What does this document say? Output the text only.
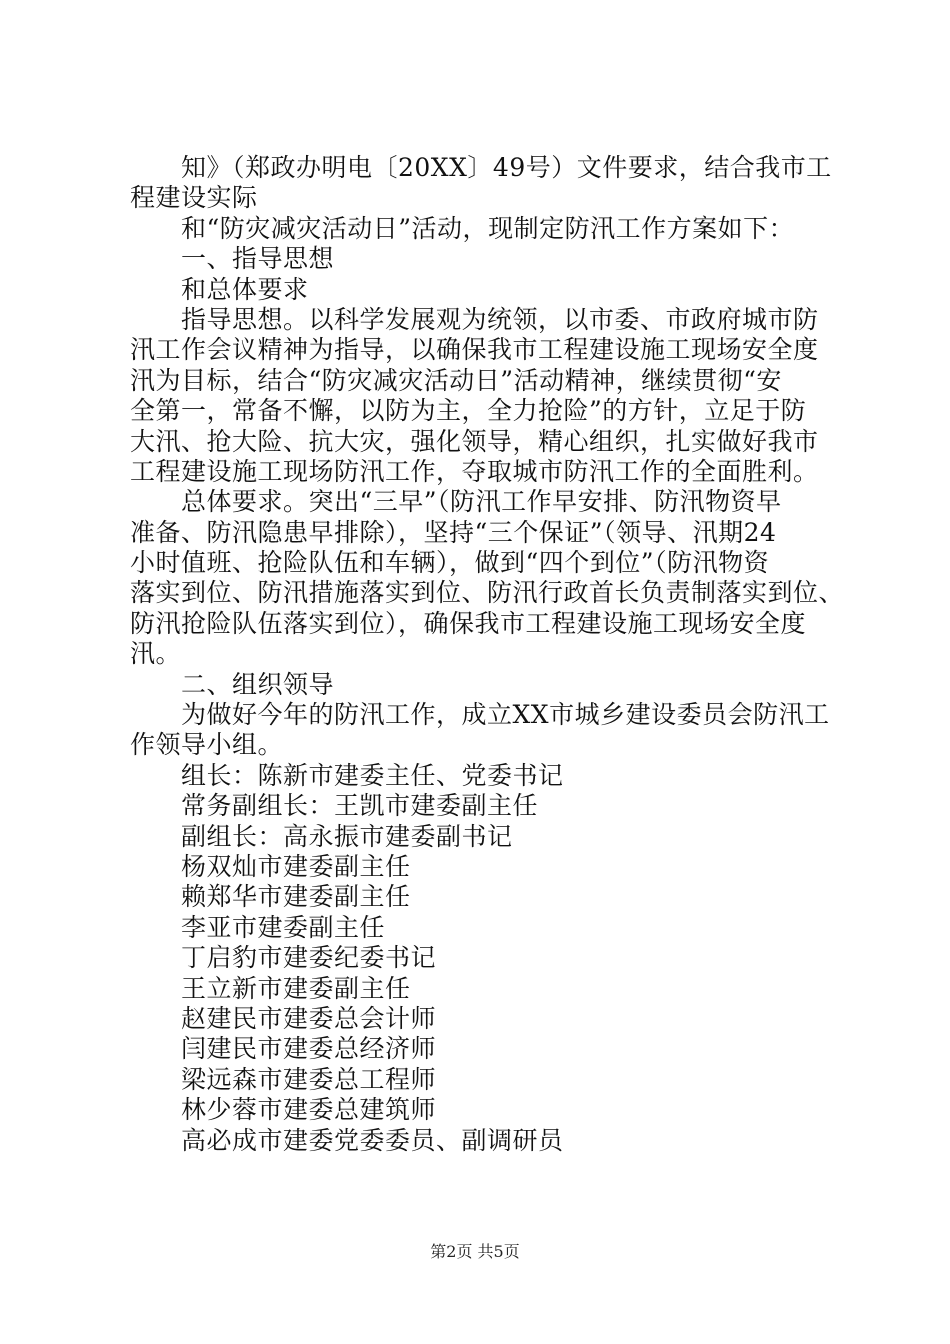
知》（郑政办明电〔20XX〕49号）文件要求，结合我市工
程建设实际
和“防灾减灾活动日”活动，现制定防汛工作方案如下：
一、指导思想
和总体要求
指导思想。以科学发展观为统领，以市委、市政府城市防
汛工作会议精神为指导，以确保我市工程建设施工现场安全度
汛为目标，结合“防灾减灾活动日”活动精神，继续贯彻“安
全第一，常备不懈，以防为主，全力抢险”的方针，立足于防
大汛、抢大险、抗大灾，强化领导，精心组织，扎实做好我市
工程建设施工现场防汛工作，夺取城市防汛工作的全面胜利。
总体要求。突出“三早”（防汛工作早安排、防汛物资早
准备、防汛隐患早排除），坚持“三个保证”（领导、汛期24
小时值班、抢险队伍和车辆），做到“四个到位”（防汛物资
落实到位、防汛措施落实到位、防汛行政首长负责制落实到位、
防汛抢险队伍落实到位），确保我市工程建设施工现场安全度
汛。
二、组织领导
为做好今年的防汛工作，成立XX市城乡建设委员会防汛工
作领导小组。
组长：陈新市建委主任、党委书记
常务副组长：王凯市建委副主任
副组长：高永振市建委副书记
杨双灿市建委副主任
赖郑华市建委副主任
李亚市建委副主任
丁启豹市建委纪委书记
王立新市建委副主任
赵建民市建委总会计师
闫建民市建委总经济师
梁远森市建委总工程师
林少蓉市建委总建筑师
高必成市建委党委委员、副调研员
第2页 共5页
